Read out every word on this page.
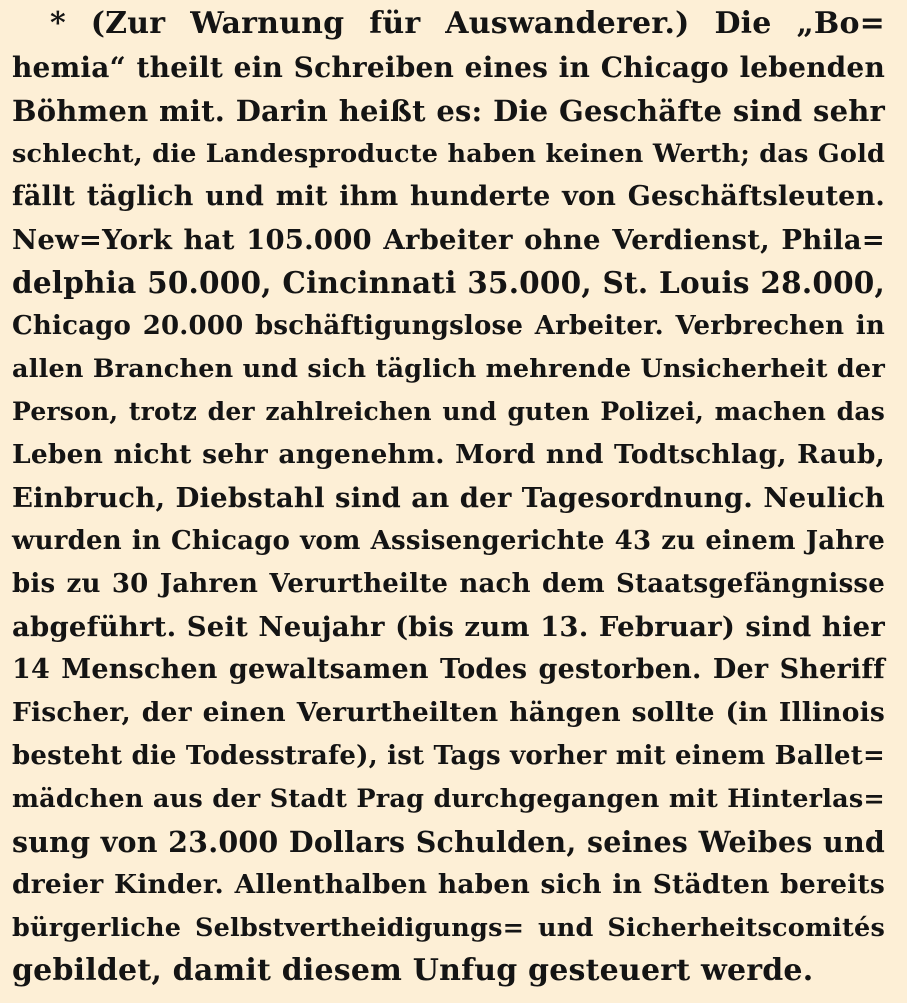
* (Zur Warnung für Auswanderer.) Die „Bo=
hemia“ theilt ein Schreiben eines in Chicago lebenden
Böhmen mit. Darin heißt es: Die Geschäfte sind sehr
schlecht, die Landesproducte haben keinen Werth; das Gold
fällt täglich und mit ihm hunderte von Geschäftsleuten.
New=York hat 105.000 Arbeiter ohne Verdienst, Phila=
delphia 50.000, Cincinnati 35.000, St. Louis 28.000,
Chicago 20.000 bschäftigungslose Arbeiter. Verbrechen in
allen Branchen und sich täglich mehrende Unsicherheit der
Person, trotz der zahlreichen und guten Polizei, machen das
Leben nicht sehr angenehm. Mord nnd Todtschlag, Raub,
Einbruch, Diebstahl sind an der Tagesordnung. Neulich
wurden in Chicago vom Assisengerichte 43 zu einem Jahre
bis zu 30 Jahren Verurtheilte nach dem Staatsgefängnisse
abgeführt. Seit Neujahr (bis zum 13. Februar) sind hier
14 Menschen gewaltsamen Todes gestorben. Der Sheriff
Fischer, der einen Verurtheilten hängen sollte (in Illinois
besteht die Todesstrafe), ist Tags vorher mit einem Ballet=
mädchen aus der Stadt Prag durchgegangen mit Hinterlas=
sung von 23.000 Dollars Schulden, seines Weibes und
dreier Kinder. Allenthalben haben sich in Städten bereits
bürgerliche Selbstvertheidigungs= und Sicherheitscomités
gebildet, damit diesem Unfug gesteuert werde.
